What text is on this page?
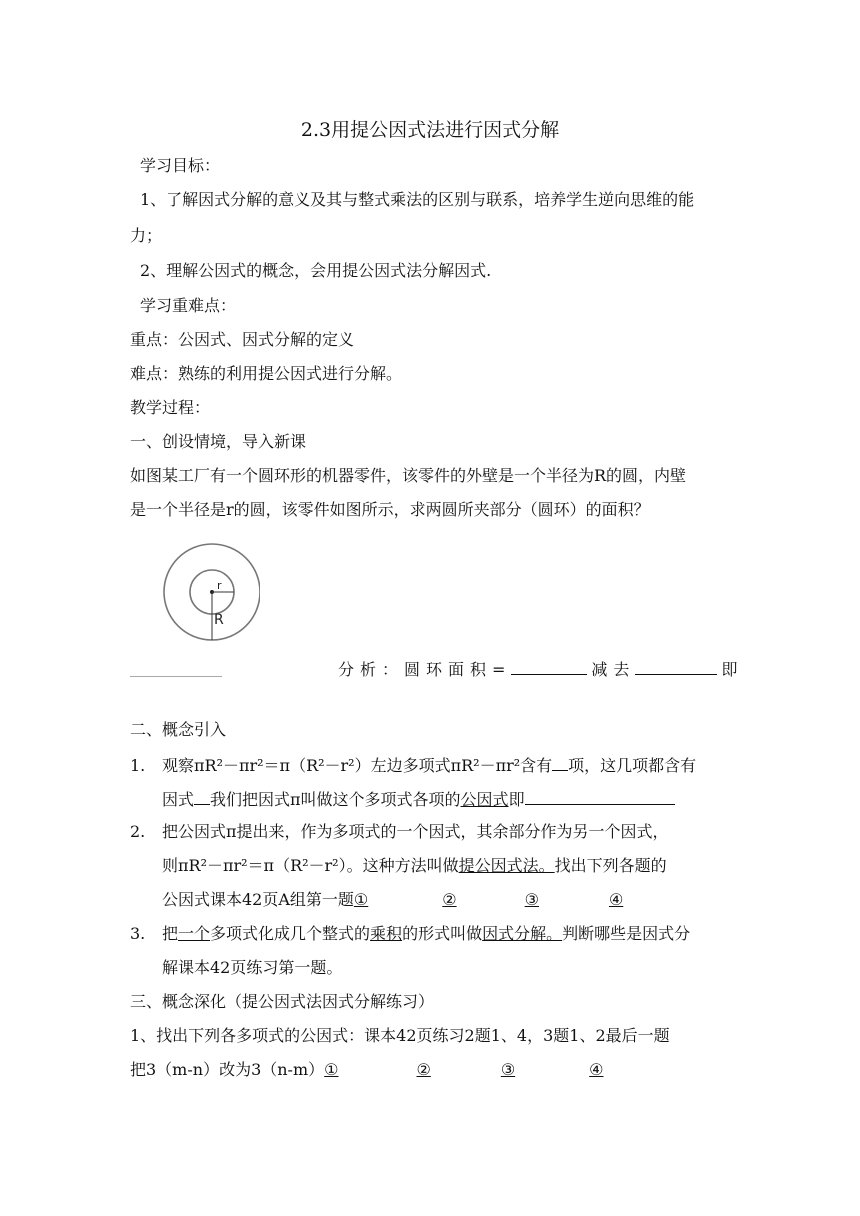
2.3用提公因式法进行因式分解
学习目标：
1、了解因式分解的意义及其与整式乘法的区别与联系，培养学生逆向思维的能
力；
2、理解公因式的概念，会用提公因式法分解因式.
学习重难点：
重点：公因式、因式分解的定义
难点：熟练的利用提公因式进行分解。
教学过程：
一、创设情境，导入新课
如图某工厂有一个圆环形的机器零件，该零件的外壁是一个半径为R的圆，内壁
是一个半径是r的圆，该零件如图所示，求两圆所夹部分（圆环）的面积？
r
R
分析：圆环面积=	减去	即
二、概念引入
1. 观察πR²－πr²＝π（R²－r²）左边多项式πR²－πr²含有 项，这几项都含有
因式 我们把因式π叫做这个多项式各项的公因式即
2. 把公因式π提出来，作为多项式的一个因式，其余部分作为另一个因式，
则πR²－πr²＝π（R²－r²）。这种方法叫做提公因式法。找出下列各题的
公因式课本42页A组第一题①	②	③	④
3. 把一个多项式化成几个整式的乘积的形式叫做因式分解。判断哪些是因式分
解课本42页练习第一题。
三、概念深化（提公因式法因式分解练习）
1、找出下列各多项式的公因式：课本42页练习2题1、4，3题1、2最后一题
把3（m-n）改为3（n-m）①	②	③	④
